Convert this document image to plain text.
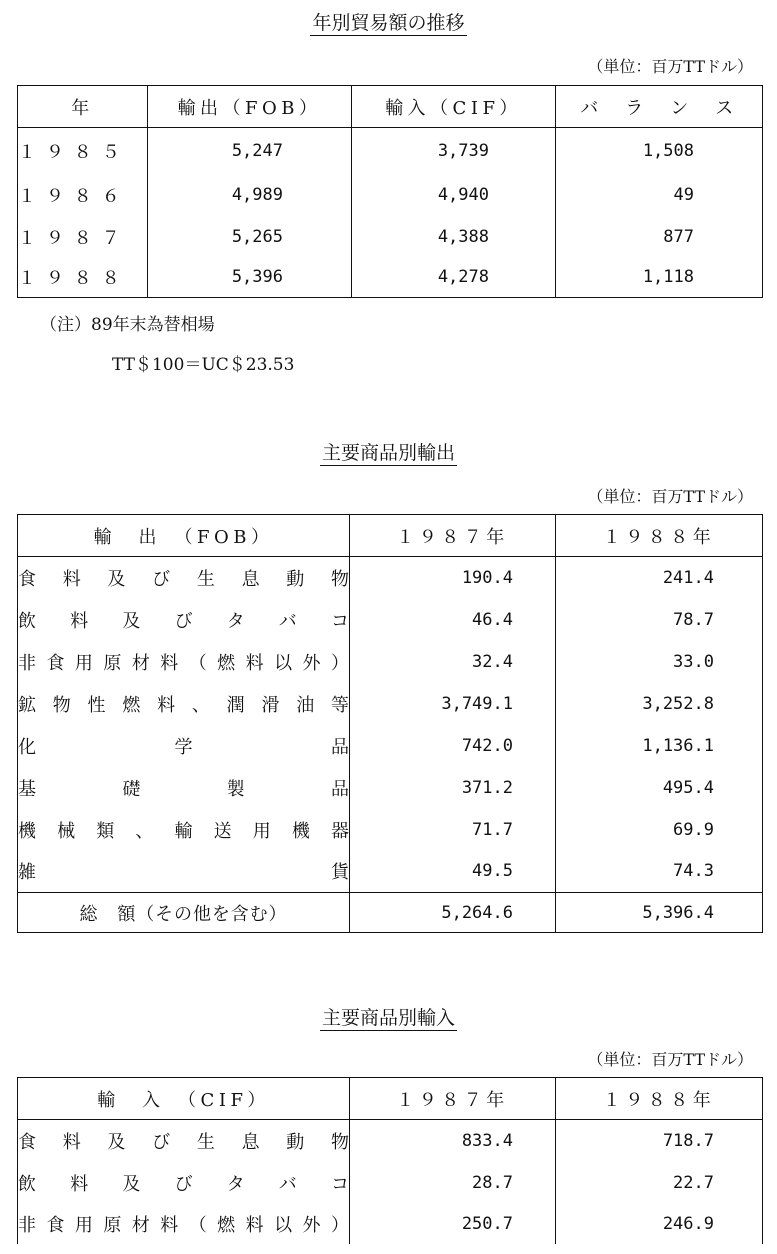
年別貿易額の推移
（単位：百万TTドル）
年	輸出（FOB）	輸入（CIF）	バ　ラ　ン　ス
１９８５	5,247	3,739	1,508
１９８６	4,989	4,940	49
１９８７	5,265	4,388	877
１９８８	5,396	4,278	1,118
（注）89年末為替相場
TT＄100＝UC＄23.53
主要商品別輸出
（単位：百万TTドル）
輸　出　（FOB）	１９８７年	１９８８年
食料及び生息動物	190.4	241.4
飲料及びタバコ	46.4	78.7
非食用原材料（燃料以外）	32.4	33.0
鉱物性燃料、潤滑油等	3,749.1	3,252.8
化学品	742.0	1,136.1
基礎製品	371.2	495.4
機械類、輸送用機器	71.7	69.9
雑貨	49.5	74.3
総　額（その他を含む）	5,264.6	5,396.4
主要商品別輸入
（単位：百万TTドル）
輸　入　（CIF）	１９８７年	１９８８年
食料及び生息動物	833.4	718.7
飲料及びタバコ	28.7	22.7
非食用原材料（燃料以外）	250.7	246.9
